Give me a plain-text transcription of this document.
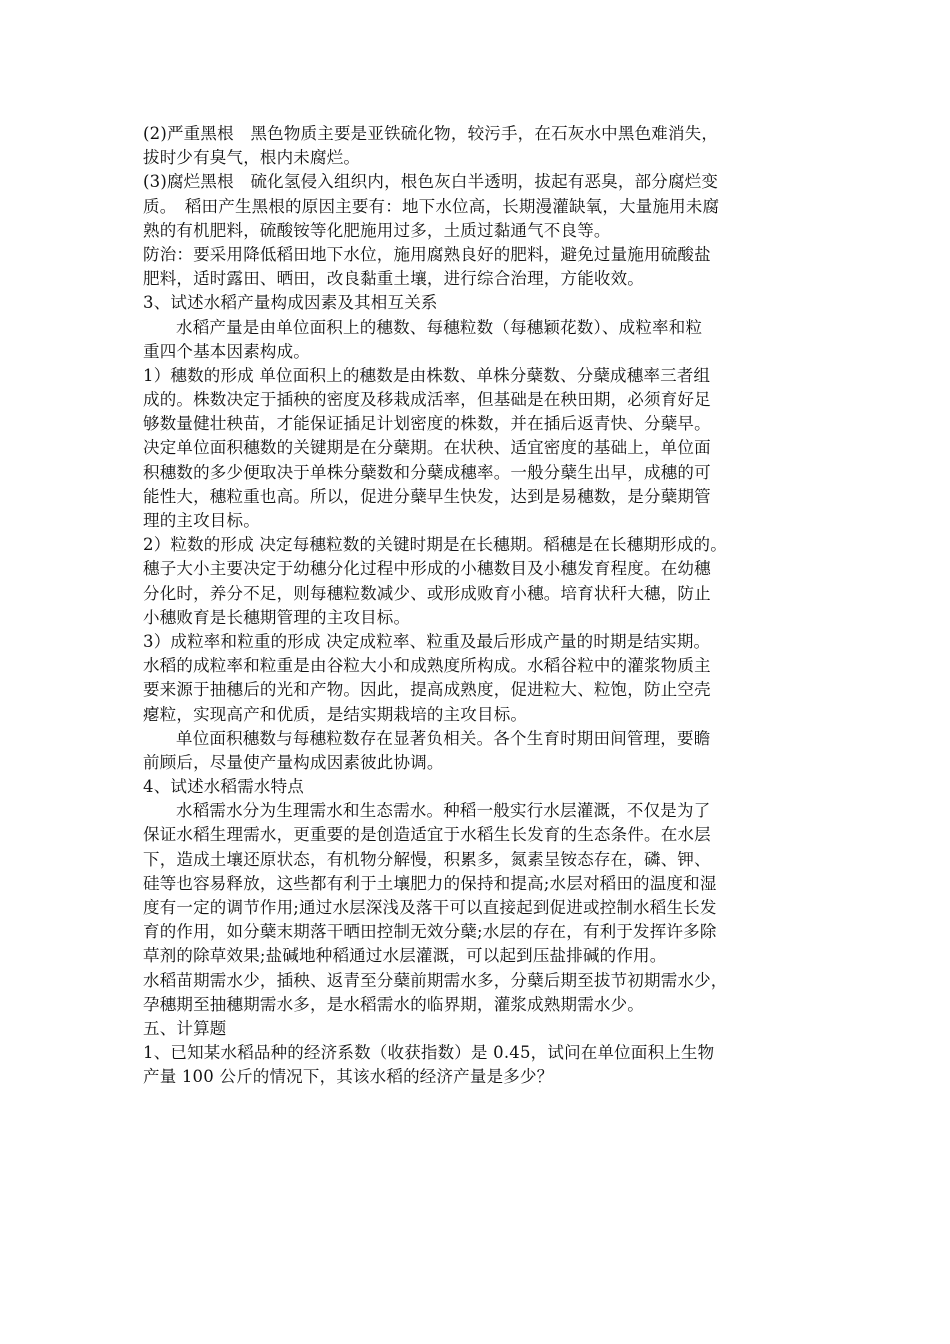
(2)严重黑根　黑色物质主要是亚铁硫化物，较污手，在石灰水中黑色难消失，
拔时少有臭气，根内未腐烂。
(3)腐烂黑根　硫化氢侵入组织内，根色灰白半透明，拔起有恶臭，部分腐烂变
质。　稻田产生黑根的原因主要有：地下水位高，长期漫灌缺氧，大量施用未腐
熟的有机肥料，硫酸铵等化肥施用过多，土质过黏通气不良等。
防治：要采用降低稻田地下水位，施用腐熟良好的肥料，避免过量施用硫酸盐
肥料，适时露田、晒田，改良黏重土壤，进行综合治理，方能收效。
3、试述水稻产量构成因素及其相互关系
水稻产量是由单位面积上的穗数、每穗粒数（每穗颖花数）、成粒率和粒
重四个基本因素构成。
1）穗数的形成 单位面积上的穗数是由株数、单株分蘖数、分蘖成穗率三者组
成的。株数决定于插秧的密度及移栽成活率，但基础是在秧田期，必须育好足
够数量健壮秧苗，才能保证插足计划密度的株数，并在插后返青快、分蘖早。
决定单位面积穗数的关键期是在分蘖期。在状秧、适宜密度的基础上，单位面
积穗数的多少便取决于单株分蘖数和分蘖成穗率。一般分蘖生出早，成穗的可
能性大，穗粒重也高。所以，促进分蘖早生快发，达到是易穗数，是分蘖期管
理的主攻目标。
2）粒数的形成 决定每穗粒数的关键时期是在长穗期。稻穗是在长穗期形成的。
穗子大小主要决定于幼穗分化过程中形成的小穗数目及小穗发育程度。在幼穗
分化时，养分不足，则每穗粒数减少、或形成败育小穗。培育状秆大穗，防止
小穗败育是长穗期管理的主攻目标。
3）成粒率和粒重的形成 决定成粒率、粒重及最后形成产量的时期是结实期。
水稻的成粒率和粒重是由谷粒大小和成熟度所构成。水稻谷粒中的灌浆物质主
要来源于抽穗后的光和产物。因此，提高成熟度，促进粒大、粒饱，防止空壳
瘪粒，实现高产和优质，是结实期栽培的主攻目标。
单位面积穗数与每穗粒数存在显著负相关。各个生育时期田间管理，要瞻
前顾后，尽量使产量构成因素彼此协调。
4、试述水稻需水特点
水稻需水分为生理需水和生态需水。种稻一般实行水层灌溉，不仅是为了
保证水稻生理需水，更重要的是创造适宜于水稻生长发育的生态条件。在水层
下，造成土壤还原状态，有机物分解慢，积累多，氮素呈铵态存在，磷、钾、
硅等也容易释放，这些都有利于土壤肥力的保持和提高;水层对稻田的温度和湿
度有一定的调节作用;通过水层深浅及落干可以直接起到促进或控制水稻生长发
育的作用，如分蘖末期落干晒田控制无效分蘖;水层的存在，有利于发挥许多除
草剂的除草效果;盐碱地种稻通过水层灌溉，可以起到压盐排碱的作用。
水稻苗期需水少，插秧、返青至分蘖前期需水多，分蘖后期至拔节初期需水少，
孕穗期至抽穗期需水多，是水稻需水的临界期，灌浆成熟期需水少。
五、计算题
1、已知某水稻品种的经济系数（收获指数）是 0.45，试问在单位面积上生物
产量 100 公斤的情况下，其该水稻的经济产量是多少？
